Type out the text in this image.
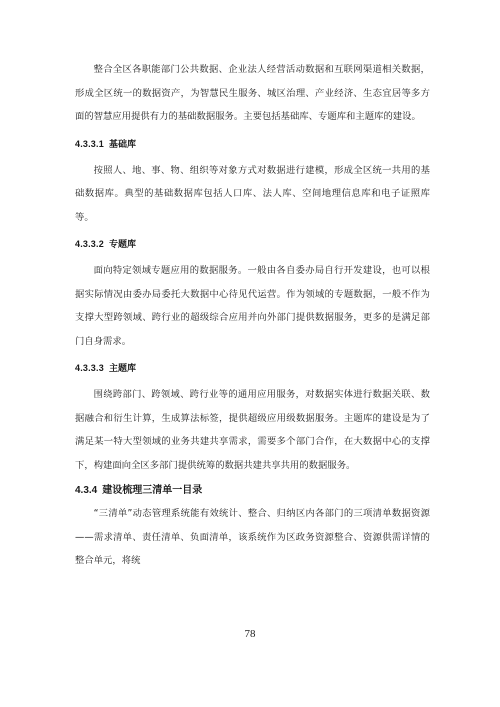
整合全区各职能部门公共数据、企业法人经营活动数据和互联网渠道相关数据，形成全区统一的数据资产，为智慧民生服务、城区治理、产业经济、生态宜居等多方面的智慧应用提供有力的基础数据服务。主要包括基础库、专题库和主题库的建设。

4.3.3.1 基础库

按照人、地、事、物、组织等对象方式对数据进行建模，形成全区统一共用的基础数据库。典型的基础数据库包括人口库、法人库、空间地理信息库和电子证照库等。

4.3.3.2 专题库

面向特定领域专题应用的数据服务。一般由各自委办局自行开发建设，也可以根据实际情况由委办局委托大数据中心待见代运营。作为领域的专题数据，一般不作为支撑大型跨领域、跨行业的超级综合应用并向外部门提供数据服务，更多的是满足部门自身需求。

4.3.3.3 主题库

围绕跨部门、跨领域、跨行业等的通用应用服务，对数据实体进行数据关联、数据融合和衍生计算，生成算法标签，提供超级应用级数据服务。主题库的建设是为了满足某一特大型领域的业务共建共享需求，需要多个部门合作，在大数据中心的支撑下，构建面向全区多部门提供统筹的数据共建共享共用的数据服务。

4.3.4 建设梳理三清单一目录

“三清单”动态管理系统能有效统计、整合、归纳区内各部门的三项清单数据资源——需求清单、责任清单、负面清单，该系统作为区政务资源整合、资源供需详情的整合单元，将统

78
